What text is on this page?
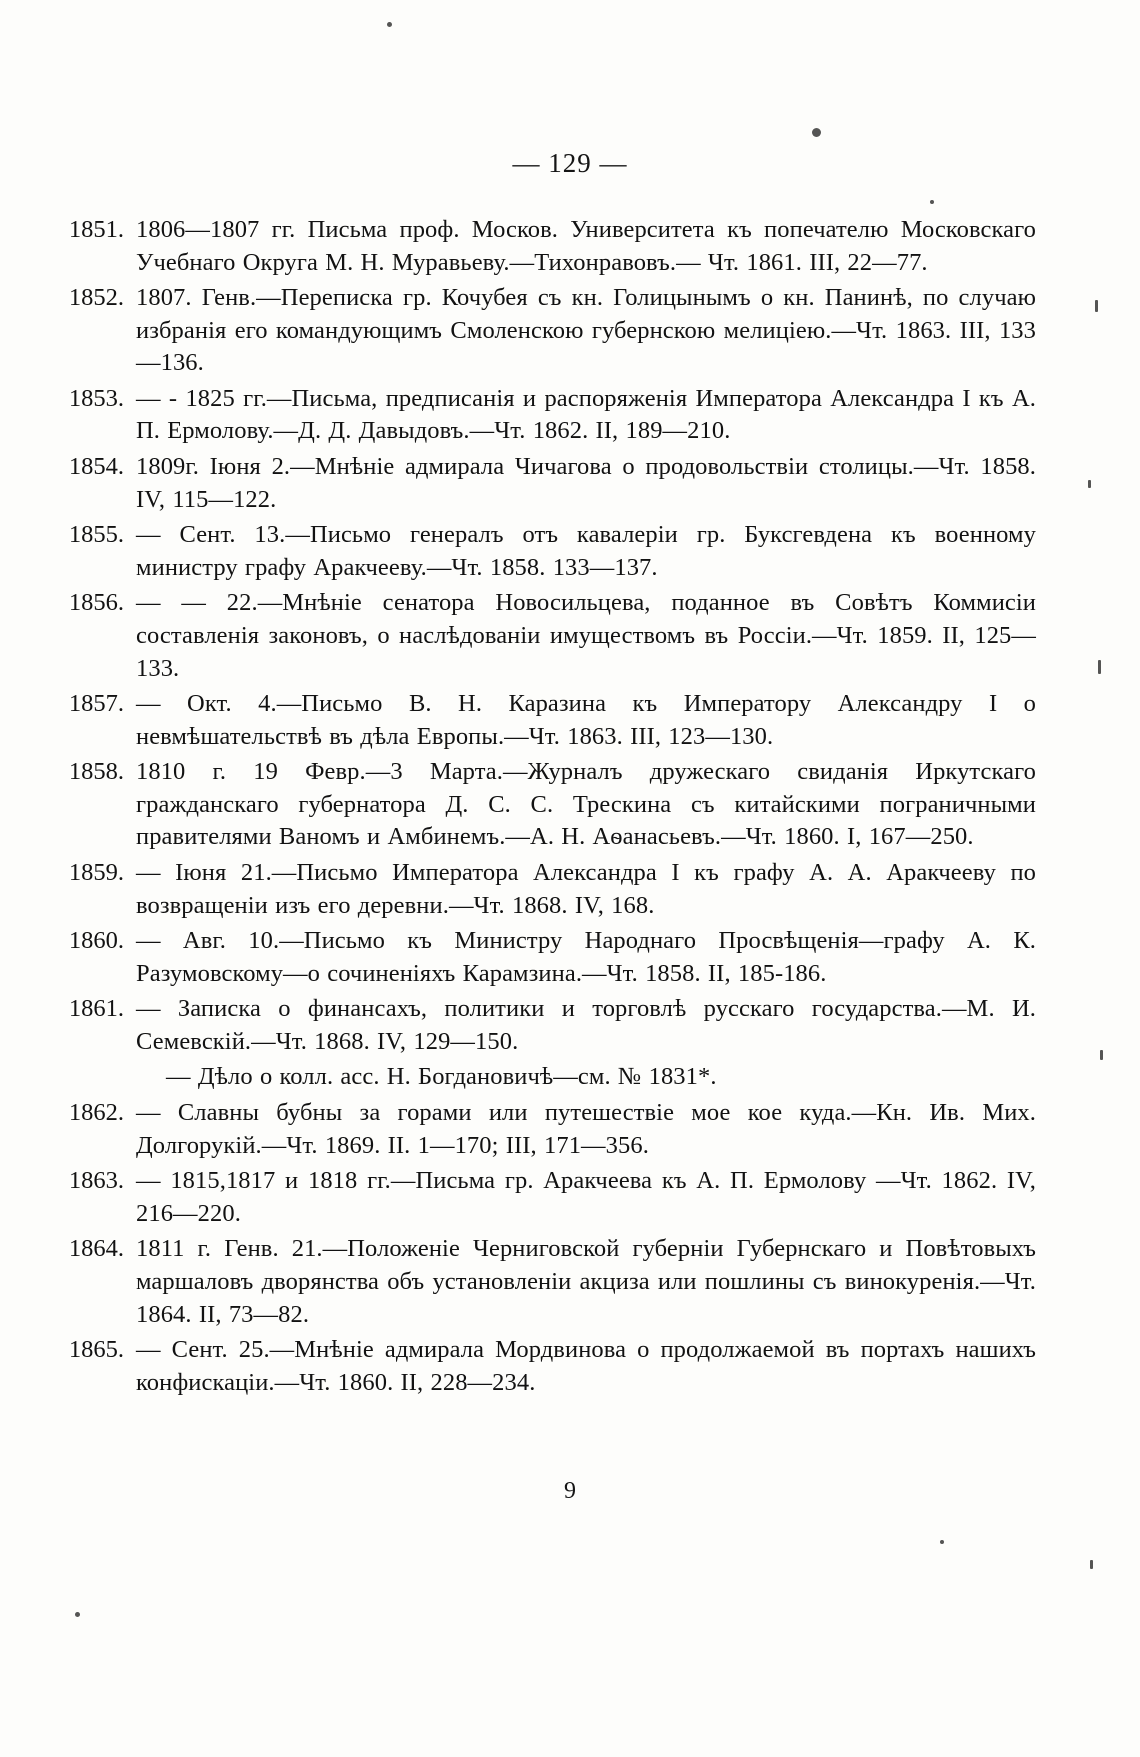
— 129 —
1851. 1806—1807 гг. Письма проф. Москов. Университета къ попечателю Московскаго Учебнаго Округа М. Н. Муравьеву.—Тихонравовъ.— Чт. 1861. III, 22—77.
1852. 1807. Генв.—Переписка гр. Кочубея съ кн. Голицынымъ о кн. Панинѣ, по случаю избранія его командующимъ Смоленскою губернскою мелиціею.—Чт. 1863. III, 133—136.
1853. — - 1825 гг.—Письма, предписанія и распоряженія Императора Александра I къ А. П. Ермолову.—Д. Д. Давыдовъ.—Чт. 1862. II, 189—210.
1854. 1809г. Іюня 2.—Мнѣніе адмирала Чичагова о продовольствіи столицы.—Чт. 1858. IV, 115—122.
1855. — Сент. 13.—Письмо генералъ отъ кавалеріи гр. Буксгевдена къ военному министру графу Аракчееву.—Чт. 1858. 133—137.
1856. — — 22.—Мнѣніе сенатора Новосильцева, поданное въ Совѣтъ Коммисіи составленія законовъ, о наслѣдованіи имуществомъ въ Россіи.—Чт. 1859. II, 125—133.
1857. — Окт. 4.—Письмо В. Н. Каразина къ Императору Александру I о невмѣшательствѣ въ дѣла Европы.—Чт. 1863. III, 123—130.
1858. 1810 г. 19 Февр.—3 Марта.—Журналъ дружескаго свиданія Иркутскаго гражданскаго губернатора Д. С. С. Трескина съ китайскими пограничными правителями Ваномъ и Амбинемъ.—А. Н. Аѳанасьевъ.—Чт. 1860. I, 167—250.
1859. — Іюня 21.—Письмо Императора Александра I къ графу А. А. Аракчееву по возвращеніи изъ его деревни.—Чт. 1868. IV, 168.
1860. — Авг. 10.—Письмо къ Министру Народнаго Просвѣщенія—графу А. К. Разумовскому—о сочиненіяхъ Карамзина.—Чт. 1858. II, 185-186.
1861. — Записка о финансахъ, политики и торговлѣ русскаго государства.—М. И. Семевскій.—Чт. 1868. IV, 129—150.
— Дѣло о колл. асс. Н. Богдановичѣ—см. № 1831*.
1862. — Славны бубны за горами или путешествіе мое кое куда.—Кн. Ив. Мих. Долгорукій.—Чт. 1869. II. 1—170; III, 171—356.
1863. — 1815,1817 и 1818 гг.—Письма гр. Аракчеева къ А. П. Ермолову —Чт. 1862. IV, 216—220.
1864. 1811 г. Генв. 21.—Положеніе Черниговской губерніи Губернскаго и Повѣтовыхъ маршаловъ дворянства объ установленіи акциза или пошлины съ винокуренія.—Чт. 1864. II, 73—82.
1865. — Сент. 25.—Мнѣніе адмирала Мордвинова о продолжаемой въ портахъ нашихъ конфискаціи.—Чт. 1860. II, 228—234.
9
